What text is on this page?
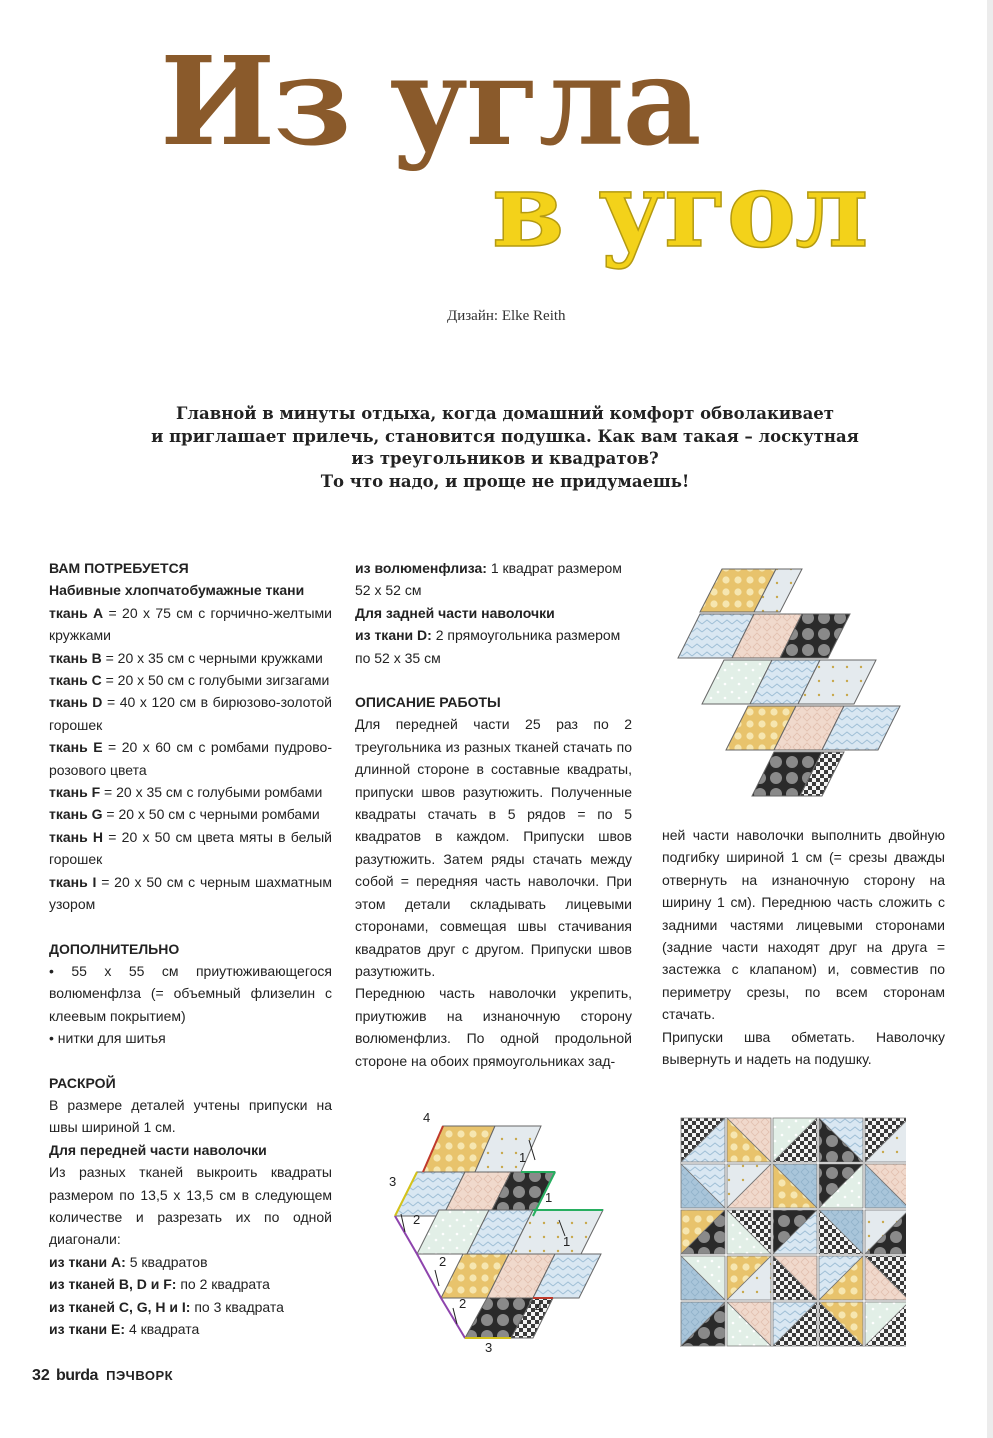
Из угла
в угол
Дизайн: Elke Reith
Главной в минуты отдыха, когда домашний комфорт обволакивает
и приглашает прилечь, становится подушка. Как вам такая – лоскутная
из треугольников и квадратов?
То что надо, и проще не придумаешь!

ВАМ ПОТРЕБУЕТСЯ

Набивные хлопчатобумажные ткани

ткань A = 20 х 75 см с горчично-желтыми кружками

ткань B = 20 х 35 см с черными кружками

ткань C = 20 х 50 см с голубыми зигзагами

ткань D = 40 х 120 см в бирюзово-золотой горошек

ткань E = 20 х 60 см с ромбами пудрово-розового цвета

ткань F = 20 х 35 см с голубыми ромбами

ткань G = 20 х 50 см с черными ромбами

ткань H = 20 х 50 см цвета мяты в белый горошек

ткань I = 20 х 50 см с черным шахматным узором

ДОПОЛНИТЕЛЬНО

• 55 х 55 см приутюживающегося волюменфлза (= объемный флизелин с клеевым покрытием)

• нитки для шитья

РАСКРОЙ

В размере деталей учтены припуски на швы шириной 1 см.

Для передней части наволочки

Из разных тканей выкроить квадраты размером по 13,5 х 13,5 см в следующем количестве и разрезать их по одной диагонали:

из ткани A: 5 квадратов

из тканей B, D и F: по 2 квадрата

из тканей C, G, H и I: по 3 квадрата

из ткани E: 4 квадрата

из волюменфлиза: 1 квадрат размером 52 х 52 см

Для задней части наволочки

из ткани D: 2 прямоугольника размером по 52 х 35 см

ОПИСАНИЕ РАБОТЫ

Для передней части 25 раз по 2 треугольника из разных тканей стачать по длинной стороне в составные квадраты, припуски швов разутюжить. Полученные квадраты стачать в 5 рядов = по 5 квадратов в каждом. Припуски швов разутюжить. Затем ряды стачать между собой = передняя часть наволочки. При этом детали складывать лицевыми сторонами, совмещая швы стачивания квадратов друг с другом. Припуски швов разутюжить.

Переднюю часть наволочки укрепить, приутюжив на изнаночную сторону волюменфлиз. По одной продольной стороне на обоих прямоугольниках зад-

ней части наволочки выполнить двойную подгибку шириной 1 см (= срезы дважды отвернуть на изнаночную сторону на ширину 1 см). Переднюю часть сложить с задними частями лицевыми сторонами (задние части находят друг на друга = застежка с клапаном) и, совместив по периметру срезы, по всем сторонам стачать.

Припуски шва обметать. Наволочку вывернуть и надеть на подушку.

4
1
3
1
2
1
2
2	4
3
32 burda ПЭЧВОРК
